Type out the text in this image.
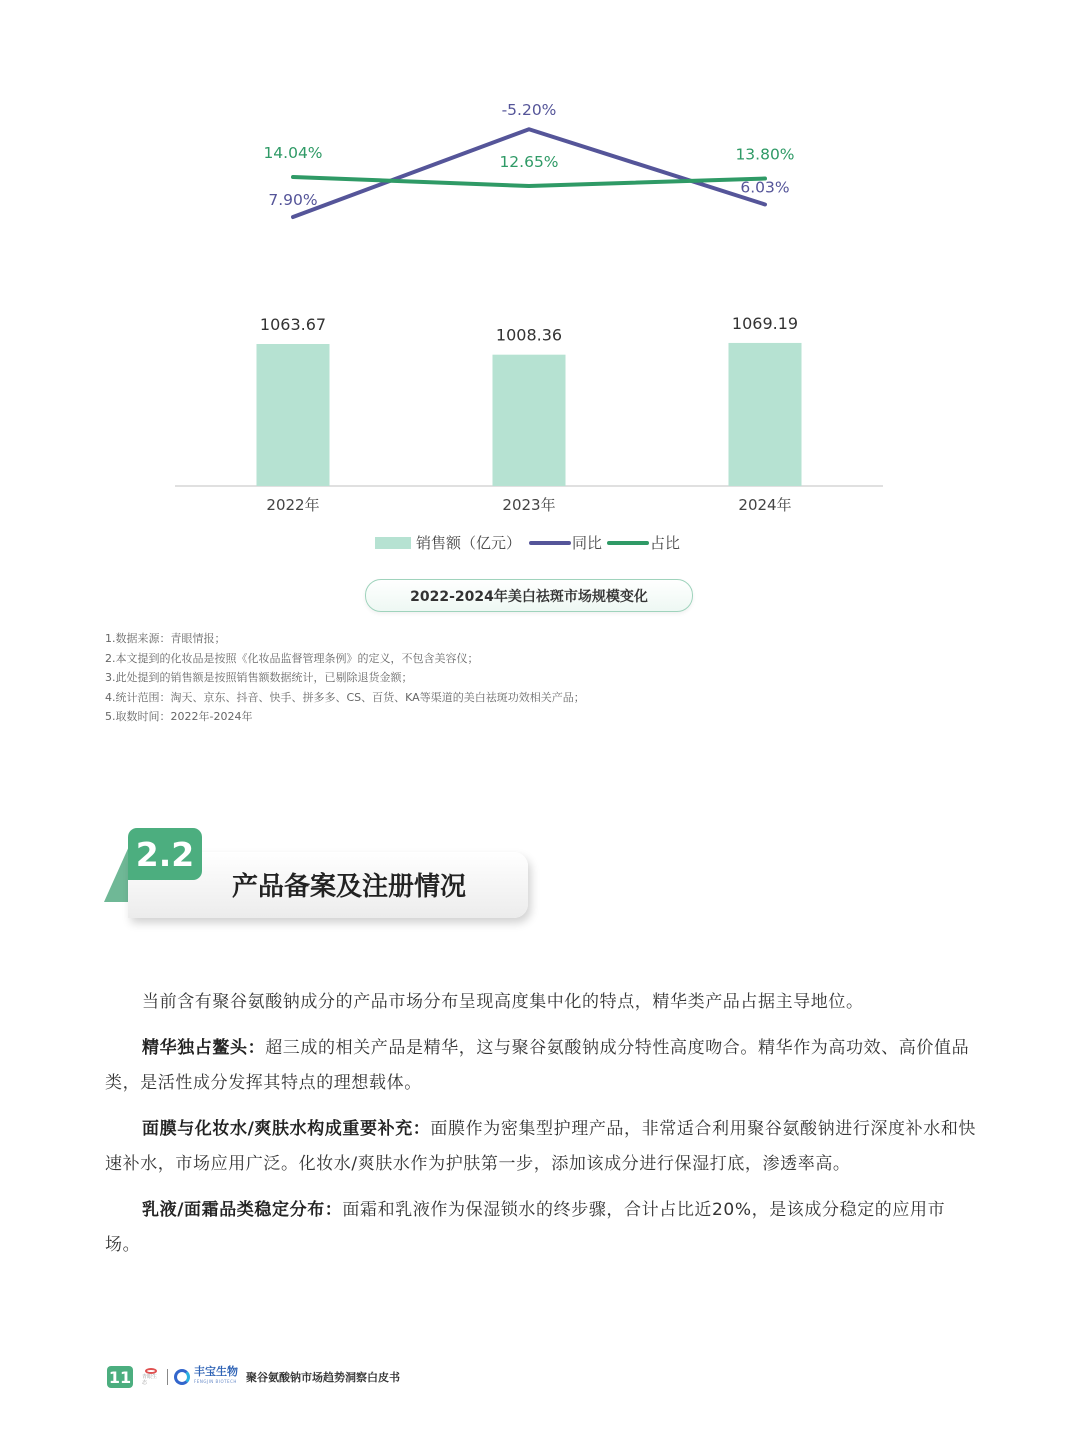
1063.67
2022年
1008.36
2023年
1069.19
2024年
7.90%
-5.20%
6.03%
14.04%
12.65%	13.80%
销售额（亿元）	同比	占比
2022-2024年美白祛斑市场规模变化
1.数据来源：青眼情报；
2.本文提到的化妆品是按照《化妆品监督管理条例》的定义，不包含美容仪；
3.此处提到的销售额是按照销售额数据统计，已剔除退货金额；
4.统计范围：淘天、京东、抖音、快手、拼多多、CS、百货、KA等渠道的美白祛斑功效相关产品；
5.取数时间：2022年-2024年
2.2
产品备案及注册情况

当前含有聚谷氨酸钠成分的产品市场分布呈现高度集中化的特点，精华类产品占据主导地位。

精华独占鳌头：超三成的相关产品是精华，这与聚谷氨酸钠成分特性高度吻合。精华作为高功效、高价值品类，是活性成分发挥其特点的理想载体。

面膜与化妆水/爽肤水构成重要补充：面膜作为密集型护理产品，非常适合利用聚谷氨酸钠进行深度补水和快速补水，市场应用广泛。化妆水/爽肤水作为护肤第一步，添加该成分进行保湿打底，渗透率高。

乳液/面霜品类稳定分布：面霜和乳液作为保湿锁水的终步骤，合计占比近20%，是该成分稳定的应用市场。

11	青眼生态
丰宝生物
FENGJIN BIOTECH 聚谷氨酸钠市场趋势洞察白皮书
